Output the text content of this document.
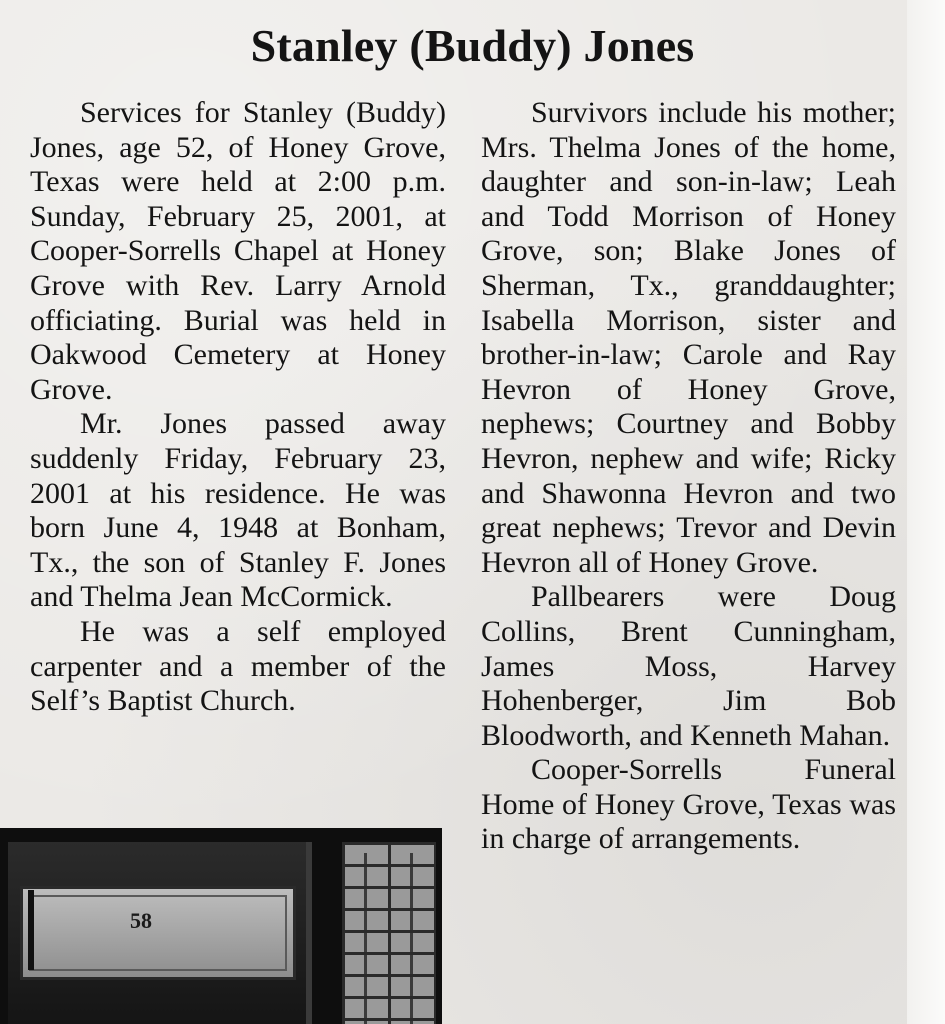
Stanley (Buddy) Jones

Services for Stanley (Buddy) Jones, age 52, of Honey Grove, Texas were held at 2:00 p.m. Sunday, February 25, 2001, at Cooper-Sorrells Chapel at Honey Grove with Rev. Larry Arnold officiating. Burial was held in Oakwood Cemetery at Honey Grove.

Mr. Jones passed away suddenly Friday, February 23, 2001 at his residence. He was born June 4, 1948 at Bonham, Tx., the son of Stanley F. Jones and Thelma Jean McCormick.

He was a self employed carpenter and a member of the Self’s Baptist Church.

Survivors include his mother; Mrs. Thelma Jones of the home, daughter and son-in-law; Leah and Todd Morrison of Honey Grove, son; Blake Jones of Sherman, Tx., granddaughter; Isabella Morrison, sister and brother-in-law; Carole and Ray Hevron of Honey Grove, nephews; Courtney and Bobby Hevron, nephew and wife; Ricky and Shawonna Hevron and two great nephews; Trevor and Devin Hevron all of Honey Grove.

Pallbearers were Doug Collins, Brent Cunningham, James Moss, Harvey Hohenberger, Jim Bob Bloodworth, and Kenneth Mahan.

Cooper-Sorrells Funeral Home of Honey Grove, Texas was in charge of arrangements.

58
